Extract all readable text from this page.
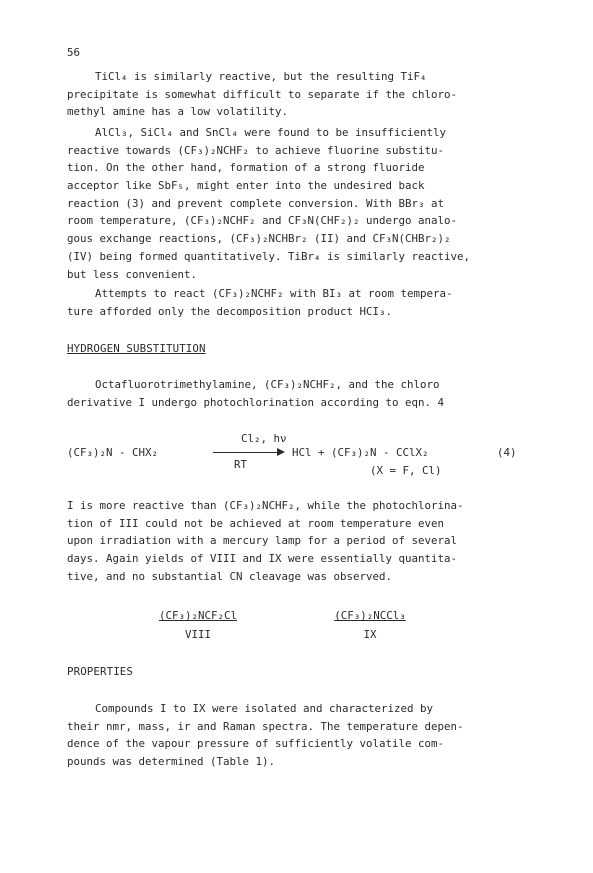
56
TiCl₄ is similarly reactive, but the resulting TiF₄
precipitate is somewhat difficult to separate if the chloro-
methyl amine has a low volatility.
AlCl₃, SiCl₄ and SnCl₄ were found to be insufficiently
reactive towards (CF₃)₂NCHF₂ to achieve fluorine substitu-
tion. On the other hand, formation of a strong fluoride
acceptor like SbF₅, might enter into the undesired back
reaction (3) and prevent complete conversion. With BBr₃ at
room temperature, (CF₃)₂NCHF₂ and CF₃N(CHF₂)₂ undergo analo-
gous exchange reactions, (CF₃)₂NCHBr₂ (II) and CF₃N(CHBr₂)₂
(IV) being formed quantitatively. TiBr₄ is similarly reactive,
but less convenient.
Attempts to react (CF₃)₂NCHF₂ with BI₃ at room tempera-
ture afforded only the decomposition product HCI₃.
HYDROGEN SUBSTITUTION
Octafluorotrimethylamine, (CF₃)₂NCHF₂, and the chloro
derivative I undergo photochlorination according to eqn. 4
(CF₃)₂N - CHX₂
Cl₂, hν
RT
HCl + (CF₃)₂N - CClX₂
(X = F, Cl)
(4)
I is more reactive than (CF₃)₂NCHF₂, while the photochlorina-
tion of III could not be achieved at room temperature even
upon irradiation with a mercury lamp for a period of several
days. Again yields of VIII and IX were essentially quantita-
tive, and no substantial CN cleavage was observed.
(CF₃)₂NCF₂Cl
VIII
(CF₃)₂NCCl₃
IX
PROPERTIES
Compounds I to IX were isolated and characterized by
their nmr, mass, ir and Raman spectra. The temperature depen-
dence of the vapour pressure of sufficiently volatile com-
pounds was determined (Table 1).
